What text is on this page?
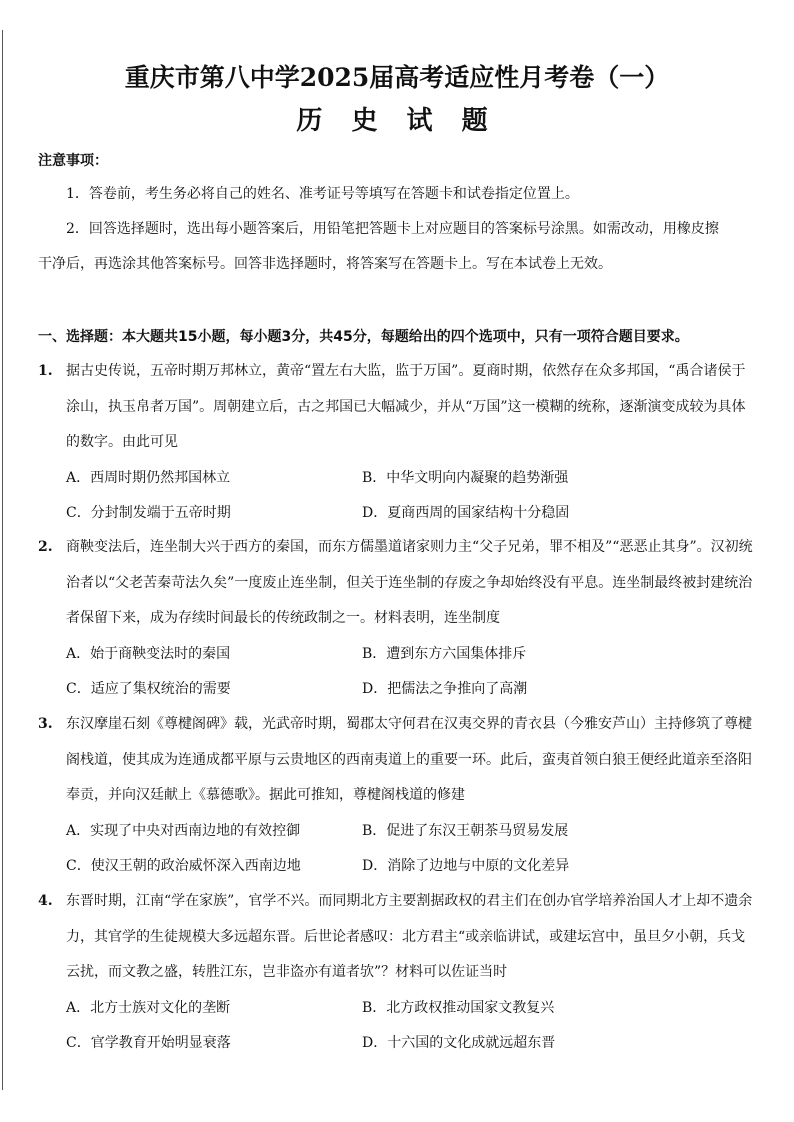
重庆市第八中学2025届高考适应性月考卷（一）
历 史 试 题
注意事项：
1．答卷前，考生务必将自己的姓名、准考证号等填写在答题卡和试卷指定位置上。
2．回答选择题时，选出每小题答案后，用铅笔把答题卡上对应题目的答案标号涂黑。如需改动，用橡皮擦干净后，再选涂其他答案标号。回答非选择题时，将答案写在答题卡上。写在本试卷上无效。
一、选择题：本大题共15小题，每小题3分，共45分，每题给出的四个选项中，只有一项符合题目要求。
1. 据古史传说，五帝时期万邦林立，黄帝“置左右大监，监于万国”。夏商时期，依然存在众多邦国，“禹合诸侯于涂山，执玉帛者万国”。周朝建立后，古之邦国已大幅减少，并从“万国”这一模糊的统称，逐渐演变成较为具体的数字。由此可见
A．西周时期仍然邦国林立	B．中华文明向内凝聚的趋势渐强
C．分封制发端于五帝时期	D．夏商西周的国家结构十分稳固
2. 商鞅变法后，连坐制大兴于西方的秦国，而东方儒墨道诸家则力主“父子兄弟，罪不相及”“恶恶止其身”。汉初统治者以“父老苦秦苛法久矣”一度废止连坐制，但关于连坐制的存废之争却始终没有平息。连坐制最终被封建统治者保留下来，成为存续时间最长的传统政制之一。材料表明，连坐制度
A．始于商鞅变法时的秦国	B．遭到东方六国集体排斥
C．适应了集权统治的需要	D．把儒法之争推向了高潮
3. 东汉摩崖石刻《尊楗阁碑》载，光武帝时期，蜀郡太守何君在汉夷交界的青衣县（今雅安芦山）主持修筑了尊楗阁栈道，使其成为连通成都平原与云贵地区的西南夷道上的重要一环。此后，蛮夷首领白狼王便经此道亲至洛阳奉贡，并向汉廷献上《慕德歌》。据此可推知，尊楗阁栈道的修建
A．实现了中央对西南边地的有效控御	B．促进了东汉王朝茶马贸易发展
C．使汉王朝的政治威怀深入西南边地	D．消除了边地与中原的文化差异
4. 东晋时期，江南“学在家族”，官学不兴。而同期北方主要割据政权的君主们在创办官学培养治国人才上却不遗余力，其官学的生徒规模大多远超东晋。后世论者感叹：北方君主“或亲临讲试，或建坛宫中，虽旦夕小朝，兵戈云扰，而文教之盛，转胜江东，岂非盗亦有道者欤”？材料可以佐证当时
A．北方士族对文化的垄断	B．北方政权推动国家文教复兴
C．官学教育开始明显衰落	D．十六国的文化成就远超东晋
